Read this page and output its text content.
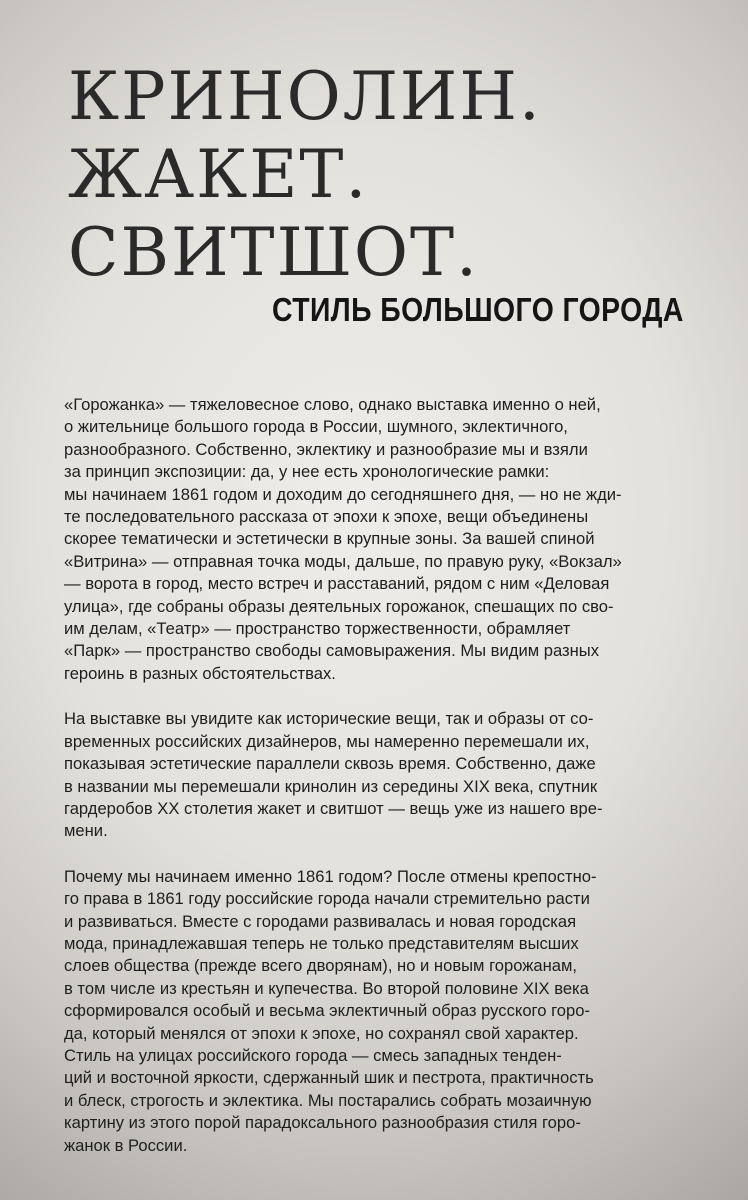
КРИНОЛИН.
ЖАКЕТ.
СВИТШОТ.
СТИЛЬ БОЛЬШОГО ГОРОДА

«Горожанка» — тяжеловесное слово, однако выставка именно о ней,
о жительнице большого города в России, шумного, эклектичного,
разнообразного. Собственно, эклектику и разнообразие мы и взяли
за принцип экспозиции: да, у нее есть хронологические рамки:
мы начинаем 1861 годом и доходим до сегодняшнего дня, — но не жди-
те последовательного рассказа от эпохи к эпохе, вещи объединены
скорее тематически и эстетически в крупные зоны. За вашей спиной
«Витрина» — отправная точка моды, дальше, по правую руку, «Вокзал»
— ворота в город, место встреч и расставаний, рядом с ним «Деловая
улица», где собраны образы деятельных горожанок, спешащих по сво-
им делам, «Театр» — пространство торжественности, обрамляет
«Парк» — пространство свободы самовыражения. Мы видим разных
героинь в разных обстоятельствах.

На выставке вы увидите как исторические вещи, так и образы от со-
временных российских дизайнеров, мы намеренно перемешали их,
показывая эстетические параллели сквозь время. Собственно, даже
в названии мы перемешали кринолин из середины XIX века, спутник
гардеробов XX столетия жакет и свитшот — вещь уже из нашего вре-
мени.

Почему мы начинаем именно 1861 годом? После отмены крепостно-
го права в 1861 году российские города начали стремительно расти
и развиваться. Вместе с городами развивалась и новая городская
мода, принадлежавшая теперь не только представителям высших
слоев общества (прежде всего дворянам), но и новым горожанам,
в том числе из крестьян и купечества. Во второй половине XIX века
сформировался особый и весьма эклектичный образ русского горо-
да, который менялся от эпохи к эпохе, но сохранял свой характер.
Стиль на улицах российского города — смесь западных тенден-
ций и восточной яркости, сдержанный шик и пестрота, практичность
и блеск, строгость и эклектика. Мы постарались собрать мозаичную
картину из этого порой парадоксального разнообразия стиля горо-
жанок в России.
